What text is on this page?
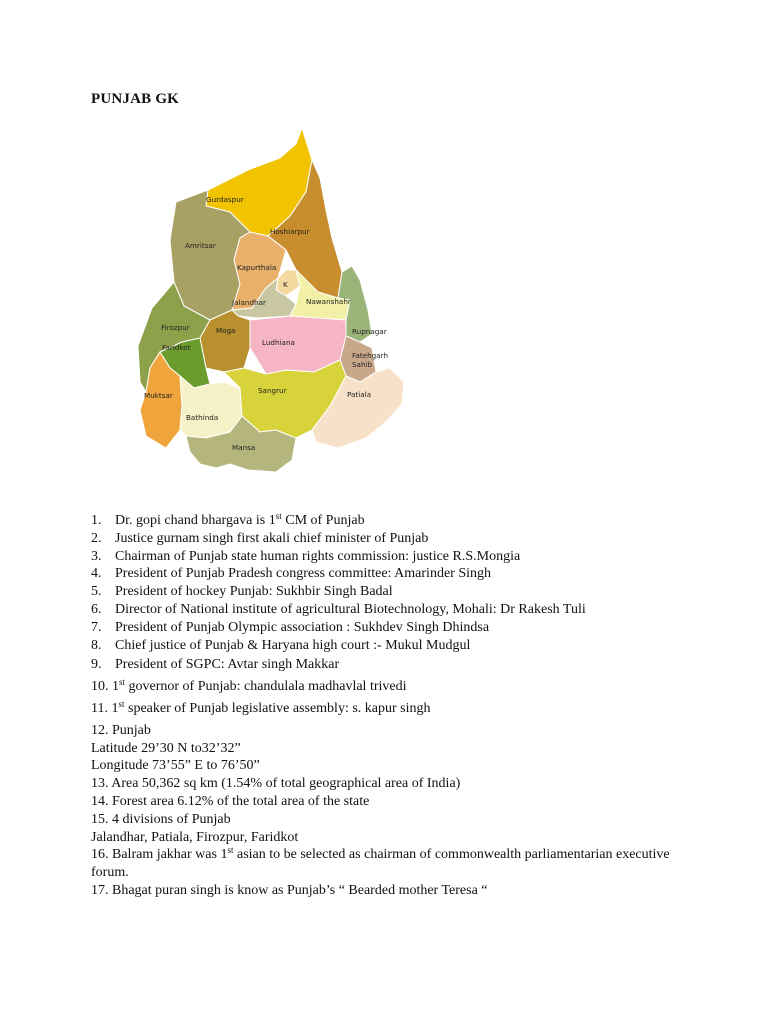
PUNJAB GK
Gurdaspur
Hoshiarpur
Amritsar
Kapurthala
K
Jalandhar	Nawanshahr
Rupnagar
Firozpur	Moga
Faridkot
Ludhiana
Fatehgarh
Sahib
Muktsar
Bathinda
Sangrur	Patiala
Mansa
1. Dr. gopi chand bhargava is 1st CM of Punjab
2. Justice gurnam singh first akali chief minister of Punjab
3. Chairman of Punjab state human rights commission: justice R.S.Mongia
4. President of Punjab Pradesh congress committee: Amarinder Singh
5. President of hockey Punjab: Sukhbir Singh Badal
6. Director of National institute of agricultural Biotechnology, Mohali: Dr Rakesh Tuli
7. President of Punjab Olympic association : Sukhdev Singh Dhindsa
8. Chief justice of Punjab & Haryana high court :- Mukul Mudgul
9. President of SGPC: Avtar singh Makkar
10. 1st governor of Punjab: chandulala madhavlal trivedi
11. 1st speaker of Punjab legislative assembly: s. kapur singh
12. Punjab
Latitude 29’30 N to32’32”
Longitude 73’55” E to 76’50”
13. Area 50,362 sq km (1.54% of total geographical area of India)
14. Forest area 6.12% of the total area of the state
15. 4 divisions of Punjab
Jalandhar, Patiala, Firozpur, Faridkot
16. Balram jakhar was 1st asian to be selected as chairman of commonwealth parliamentarian executive forum.
17. Bhagat puran singh is know as Punjab’s “ Bearded mother Teresa “
